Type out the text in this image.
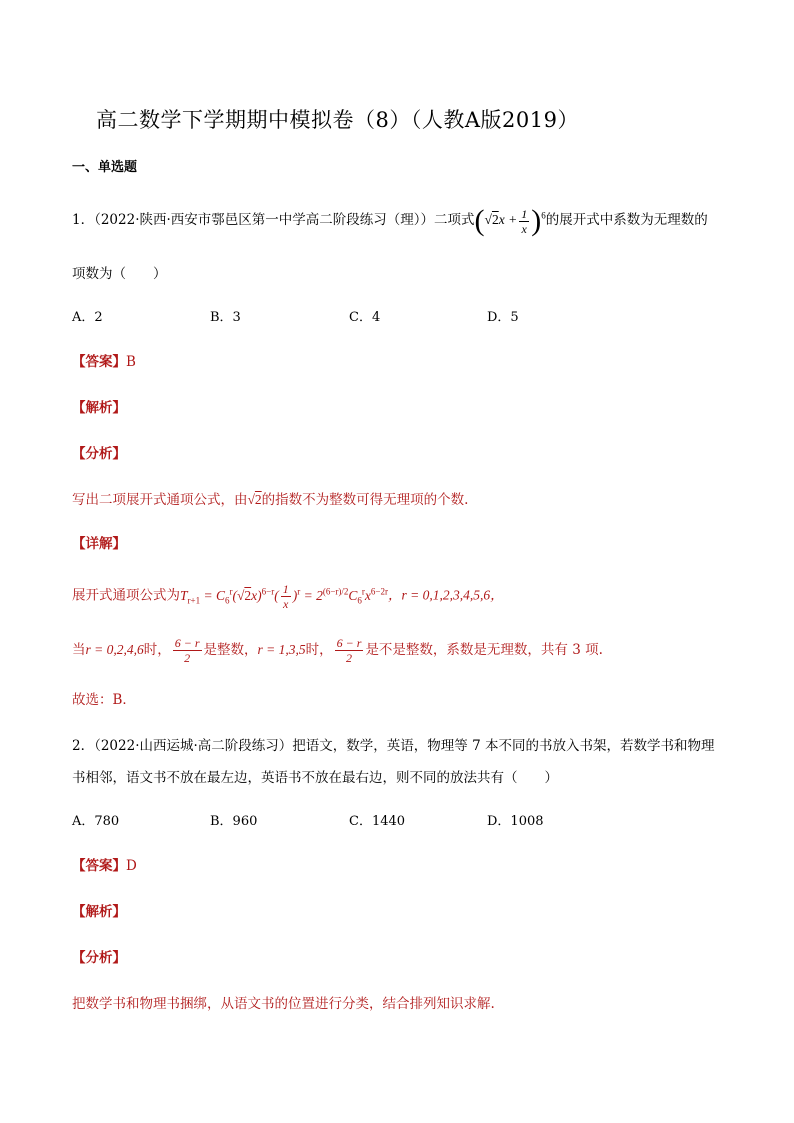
高二数学下学期期中模拟卷（8）（人教A版2019）
一、单选题
1．（2022·陕西·西安市鄠邑区第一中学高二阶段练习（理））二项式$(√2x + \frac{1}{x} )^6$的展开式中系数为无理数的
项数为（　　）
A．2	B．3	C．4	D．5
【答案】B
【解析】
【分析】
写出二项展开式通项公式，由√2的指数不为整数可得无理项的个数.
【详解】
展开式通项公式为$T_{r+1} = C_6^r(√2x)^{6-r}( \frac{1}{x} )^r = 2^{(6-r)/2}C_6^rx^{6-2r}$，r = 0,1,2,3,4,5,6，
当r = 0,2,4,6时， $\frac{6 - r}{2}$ 是整数，r = 1,3,5时， $\frac{6 - r}{2}$ 是不是整数，系数是无理数，共有 3 项.
故选：B．
2．（2022·山西运城·高二阶段练习）把语文，数学，英语，物理等 7 本不同的书放入书架，若数学书和物理
书相邻，语文书不放在最左边，英语书不放在最右边，则不同的放法共有（　　）
A．780	B．960	C．1440	D．1008
【答案】D
【解析】
【分析】
把数学书和物理书捆绑，从语文书的位置进行分类，结合排列知识求解.
